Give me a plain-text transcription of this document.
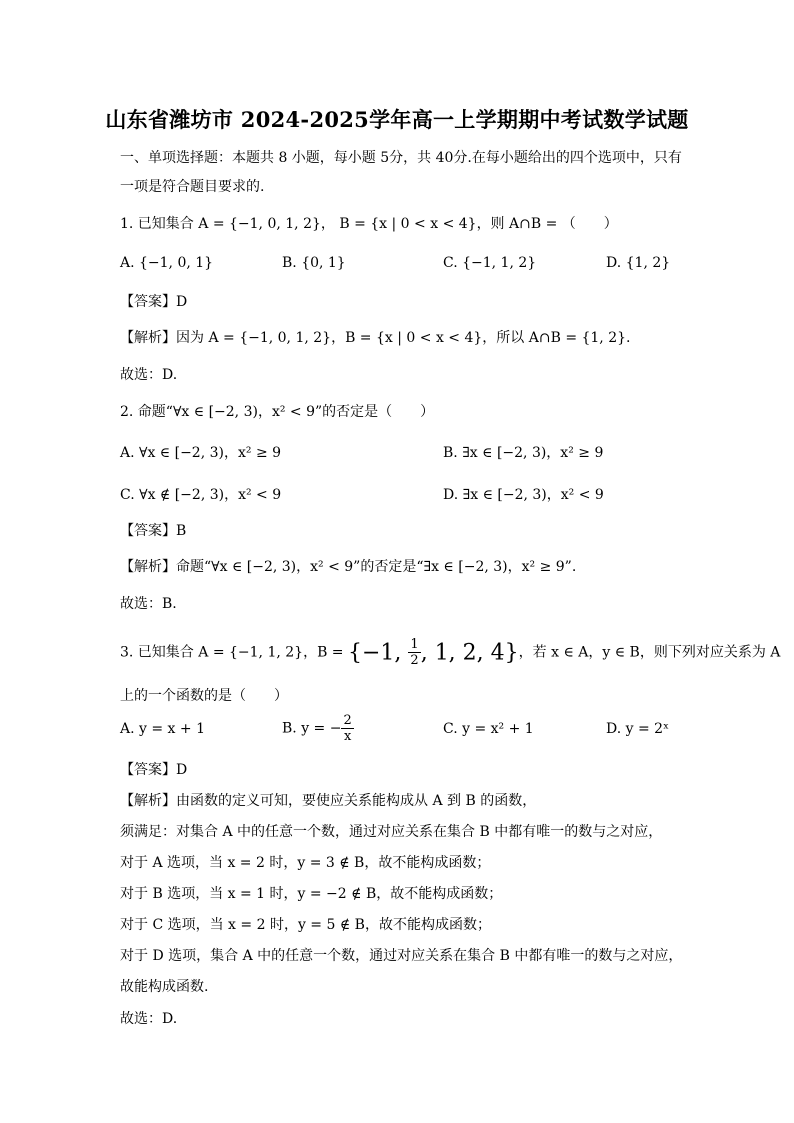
山东省潍坊市 2024-2025学年高一上学期期中考试数学试题
一、单项选择题：本题共 8 小题，每小题 5分，共 40分.在每小题给出的四个选项中，只有
一项是符合题目要求的.
1. 已知集合 A = {−1, 0, 1, 2}， B = {x | 0 < x < 4}，则 A∩B = （　　）
A. {−1, 0, 1}	B. {0, 1}	C. {−1, 1, 2}	D. {1, 2}
【答案】D
【解析】因为 A = {−1, 0, 1, 2}，B = {x | 0 < x < 4}，所以 A∩B = {1, 2}.
故选：D.
2. 命题“∀x ∈ [−2, 3)，x² < 9”的否定是（　　）
A. ∀x ∈ [−2, 3)，x² ≥ 9	B. ∃x ∈ [−2, 3)，x² ≥ 9
C. ∀x ∉ [−2, 3)，x² < 9	D. ∃x ∈ [−2, 3)，x² < 9
【答案】B
【解析】命题“∀x ∈ [−2, 3)，x² < 9”的否定是“∃x ∈ [−2, 3)，x² ≥ 9”.
故选：B.
3. 已知集合 A = {−1, 1, 2}，B = {−1, $\frac{1}{2}$ , 1, 2, 4}，若 x ∈ A，y ∈ B，则下列对应关系为 A
上的一个函数的是（　　）
A. y = x + 1	B. y = − $\frac{2}{x}$	C. y = x² + 1	D. y = 2ˣ
【答案】D
【解析】由函数的定义可知，要使应关系能构成从 A 到 B 的函数，
须满足：对集合 A 中的任意一个数，通过对应关系在集合 B 中都有唯一的数与之对应，
对于 A 选项，当 x = 2 时，y = 3 ∉ B，故不能构成函数；
对于 B 选项，当 x = 1 时，y = −2 ∉ B，故不能构成函数；
对于 C 选项，当 x = 2 时，y = 5 ∉ B，故不能构成函数；
对于 D 选项，集合 A 中的任意一个数，通过对应关系在集合 B 中都有唯一的数与之对应，
故能构成函数.
故选：D.
